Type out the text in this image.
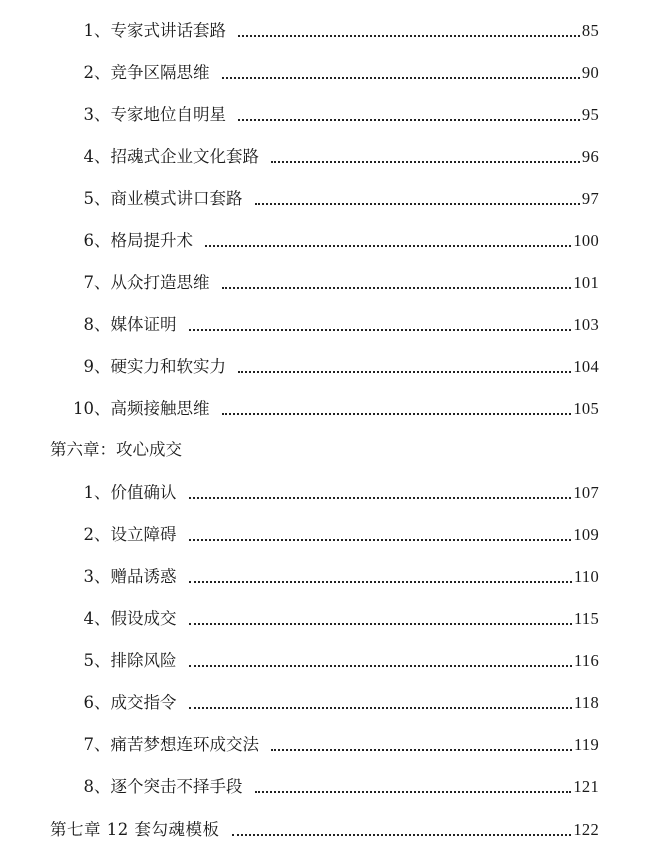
1、专家式讲话套路	85
2、竞争区隔思维	90
3、专家地位自明星	95
4、招魂式企业文化套路	96
5、商业模式讲口套路	97
6、格局提升术	100
7、从众打造思维	101
8、媒体证明	103
9、硬实力和软实力	104
10、高频接触思维	105
第六章：攻心成交
1、价值确认	107
2、设立障碍	109
3、赠品诱惑	110
4、假设成交	115
5、排除风险	116
6、成交指令	118
7、痛苦梦想连环成交法	119
8、逐个突击不择手段	121
第七章 12 套勾魂模板	122
